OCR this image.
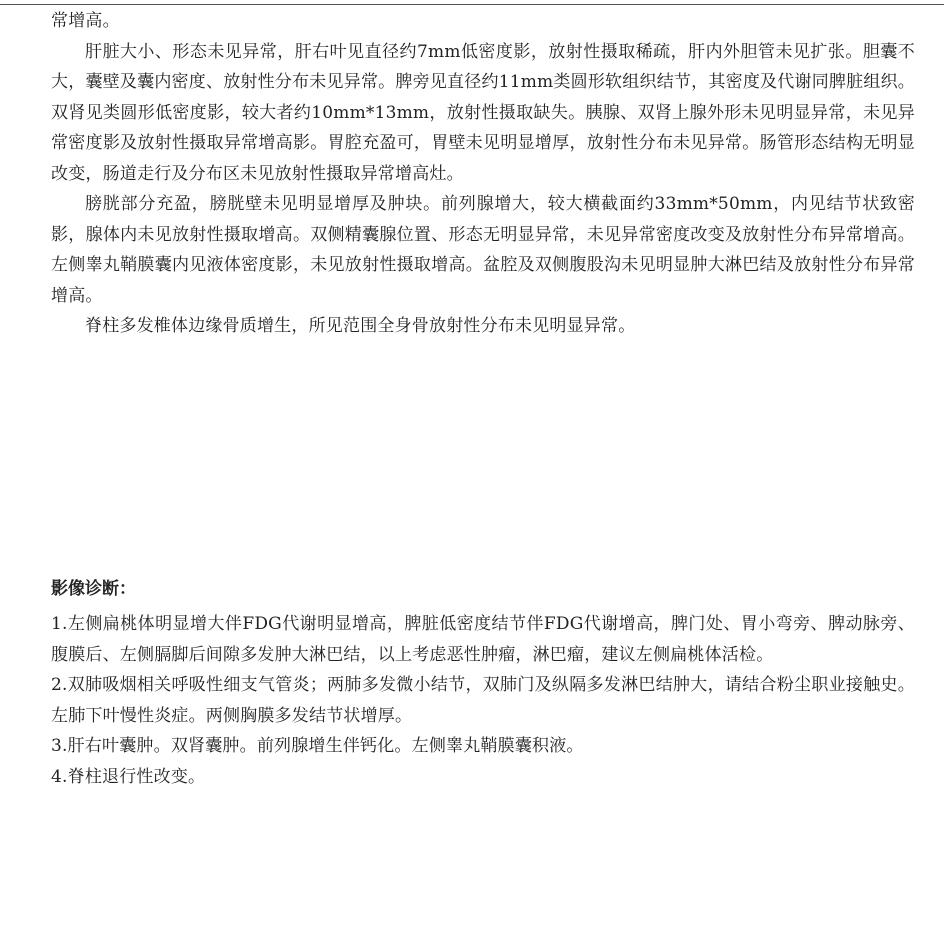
常增高。

肝脏大小、形态未见异常，肝右叶见直径约7mm低密度影，放射性摄取稀疏，肝内外胆管未见扩张。胆囊不大，囊壁及囊内密度、放射性分布未见异常。脾旁见直径约11mm类圆形软组织结节，其密度及代谢同脾脏组织。双肾见类圆形低密度影，较大者约10mm*13mm，放射性摄取缺失。胰腺、双肾上腺外形未见明显异常，未见异常密度影及放射性摄取异常增高影。胃腔充盈可，胃壁未见明显增厚，放射性分布未见异常。肠管形态结构无明显改变，肠道走行及分布区未见放射性摄取异常增高灶。

膀胱部分充盈，膀胱壁未见明显增厚及肿块。前列腺增大，较大横截面约33mm*50mm，内见结节状致密影，腺体内未见放射性摄取增高。双侧精囊腺位置、形态无明显异常，未见异常密度改变及放射性分布异常增高。左侧睾丸鞘膜囊内见液体密度影，未见放射性摄取增高。盆腔及双侧腹股沟未见明显肿大淋巴结及放射性分布异常增高。

脊柱多发椎体边缘骨质增生，所见范围全身骨放射性分布未见明显异常。

影像诊断：

1.左侧扁桃体明显增大伴FDG代谢明显增高，脾脏低密度结节伴FDG代谢增高，脾门处、胃小弯旁、脾动脉旁、腹膜后、左侧膈脚后间隙多发肿大淋巴结，以上考虑恶性肿瘤，淋巴瘤，建议左侧扁桃体活检。

2.双肺吸烟相关呼吸性细支气管炎；两肺多发微小结节，双肺门及纵隔多发淋巴结肿大，请结合粉尘职业接触史。左肺下叶慢性炎症。两侧胸膜多发结节状增厚。

3.肝右叶囊肿。双肾囊肿。前列腺增生伴钙化。左侧睾丸鞘膜囊积液。

4.脊柱退行性改变。
